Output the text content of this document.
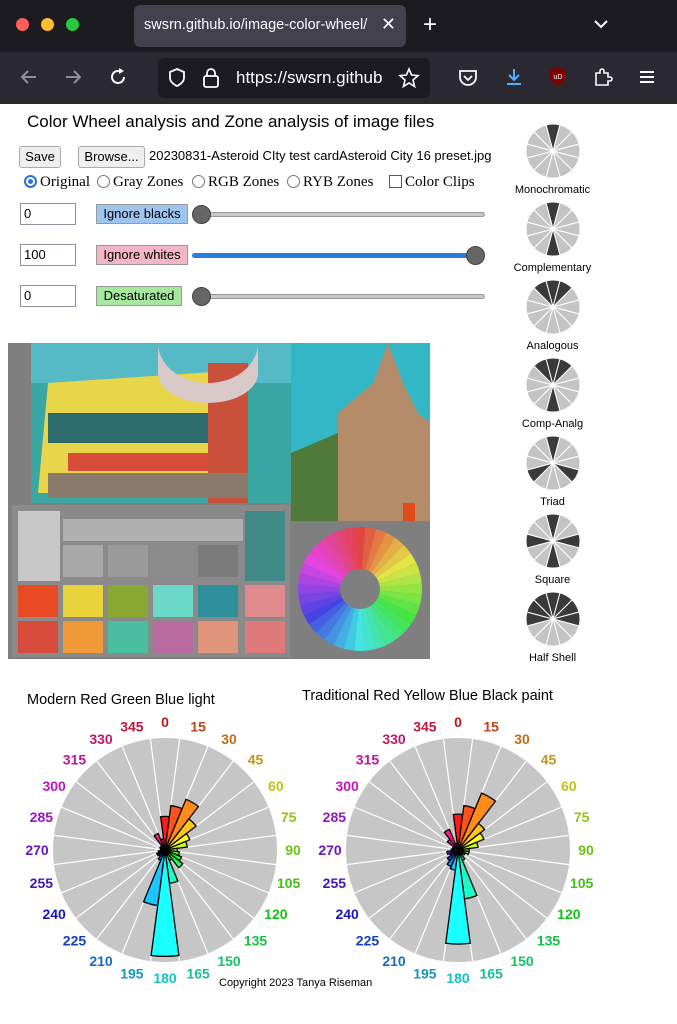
swsrn.github.io/image-color-wheel/ ✕ +
https://swsrn.github	uD
Color Wheel analysis and Zone analysis of image files
Save	Browse... 20230831-Asteroid CIty test cardAsteroid City 16 preset.jpg
Original	Gray Zones	RGB Zones	RYB Zones	Color Clips
0	Ignore blacks
100	Ignore whites
0	Desaturated
Monochromatic
Complementary
Analogous
Comp-Analg
Triad
Square
Half Shell
Modern Red Green Blue light	Traditional Red Yellow Blue Black paint
0 15
30
45
60
75
90
105
120
135
150
165
180
195
210
225
240
255
270
285
300
315
330
345	0 15
30
45
60
75
90
105
120
135
150
165
180
195
210
225
240
255
270
285
300
315
330
345
Copyright 2023 Tanya Riseman
